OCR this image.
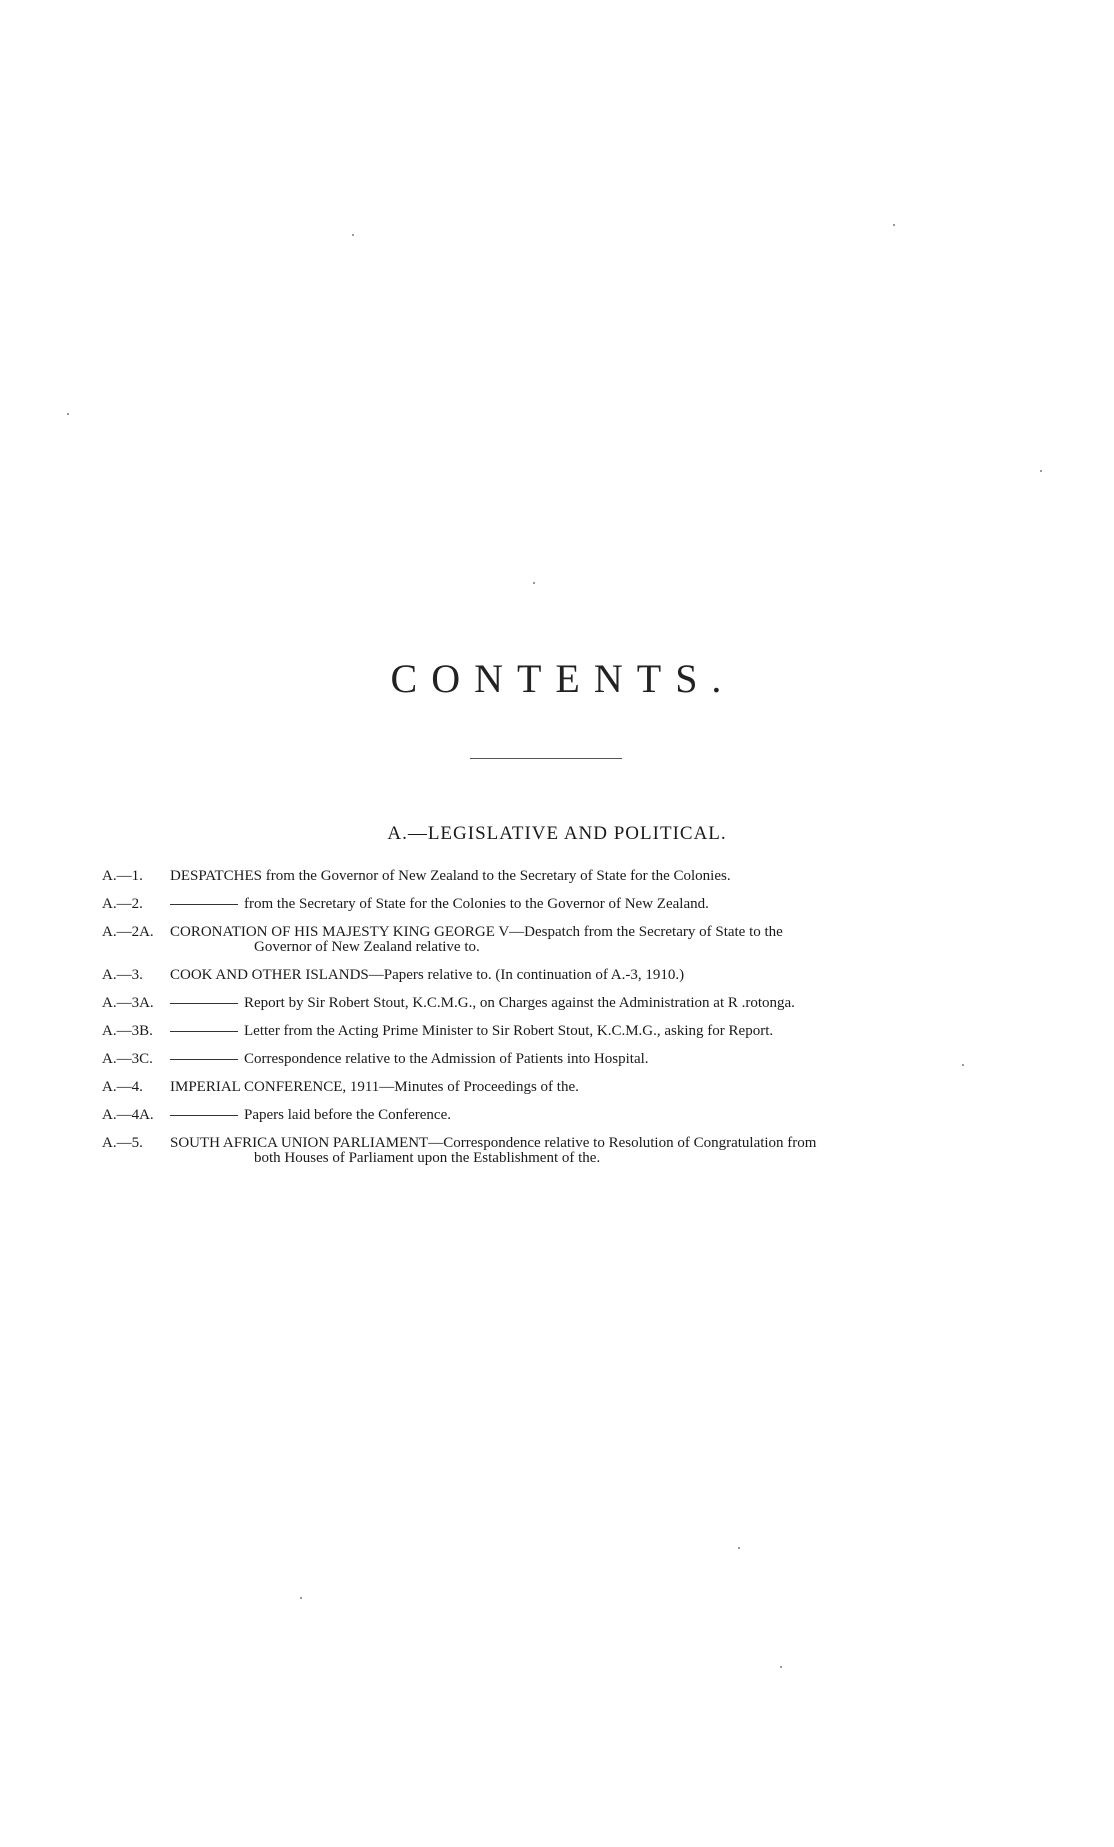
CONTENTS.
A.—LEGISLATIVE AND POLITICAL.
A.—1.	DESPATCHES from the Governor of New Zealand to the Secretary of State for the Colonies.
A.—2.	from the Secretary of State for the Colonies to the Governor of New Zealand.
A.—2A.	CORONATION OF HIS MAJESTY KING GEORGE V—Despatch from the Secretary of State to the
Governor of New Zealand relative to.
A.—3.	COOK AND OTHER ISLANDS—Papers relative to. (In continuation of A.-3, 1910.)
A.—3A.	Report by Sir Robert Stout, K.C.M.G., on Charges against the Administration at R .rotonga.
A.—3B.	Letter from the Acting Prime Minister to Sir Robert Stout, K.C.M.G., asking for Report.
A.—3C.	Correspondence relative to the Admission of Patients into Hospital.
A.—4.	IMPERIAL CONFERENCE, 1911—Minutes of Proceedings of the.
A.—4A.	Papers laid before the Conference.
A.—5.	SOUTH AFRICA UNION PARLIAMENT—Correspondence relative to Resolution of Congratulation from
both Houses of Parliament upon the Establishment of the.
